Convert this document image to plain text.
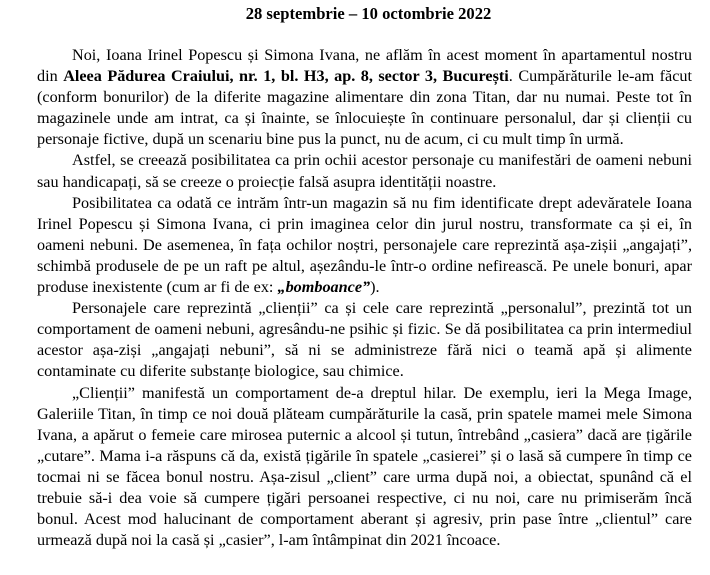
28 septembrie – 10 octombrie 2022

Noi, Ioana Irinel Popescu și Simona Ivana, ne aflăm în acest moment în apartamentul nostru din Aleea Pădurea Craiului, nr. 1, bl. H3, ap. 8, sector 3, București. Cumpărăturile le-am făcut (conform bonurilor) de la diferite magazine alimentare din zona Titan, dar nu numai. Peste tot în magazinele unde am intrat, ca și înainte, se înlocuiește în continuare personalul, dar și clienții cu personaje fictive, după un scenariu bine pus la punct, nu de acum, ci cu mult timp în urmă.

Astfel, se creează posibilitatea ca prin ochii acestor personaje cu manifestări de oameni nebuni sau handicapați, să se creeze o proiecție falsă asupra identității noastre.

Posibilitatea ca odată ce intrăm într-un magazin să nu fim identificate drept adevăratele Ioana Irinel Popescu și Simona Ivana, ci prin imaginea celor din jurul nostru, transformate ca și ei, în oameni nebuni. De asemenea, în fața ochilor noștri, personajele care reprezintă așa-zișii „angajați”, schimbă produsele de pe un raft pe altul, așezându-le într-o ordine nefirească. Pe unele bonuri, apar produse inexistente (cum ar fi de ex: „bomboance”).

Personajele care reprezintă „clienții” ca și cele care reprezintă „personalul”, prezintă tot un comportament de oameni nebuni, agresându-ne psihic și fizic. Se dă posibilitatea ca prin intermediul acestor așa-ziși „angajați nebuni”, să ni se administreze fără nici o teamă apă și alimente contaminate cu diferite substanțe biologice, sau chimice.

„Clienții” manifestă un comportament de-a dreptul hilar. De exemplu, ieri la Mega Image, Galeriile Titan, în timp ce noi două plăteam cumpărăturile la casă, prin spatele mamei mele Simona Ivana, a apărut o femeie care mirosea puternic a alcool și tutun, întrebând „casiera” dacă are țigările „cutare”. Mama i-a răspuns că da, există țigările în spatele „casierei” și o lasă să cumpere în timp ce tocmai ni se făcea bonul nostru. Așa-zisul „client” care urma după noi, a obiectat, spunând că el trebuie să-i dea voie să cumpere țigări persoanei respective, ci nu noi, care nu primiserăm încă bonul. Acest mod halucinant de comportament aberant și agresiv, prin pase între „clientul” care urmează după noi la casă și „casier”, l-am întâmpinat din 2021 încoace.
